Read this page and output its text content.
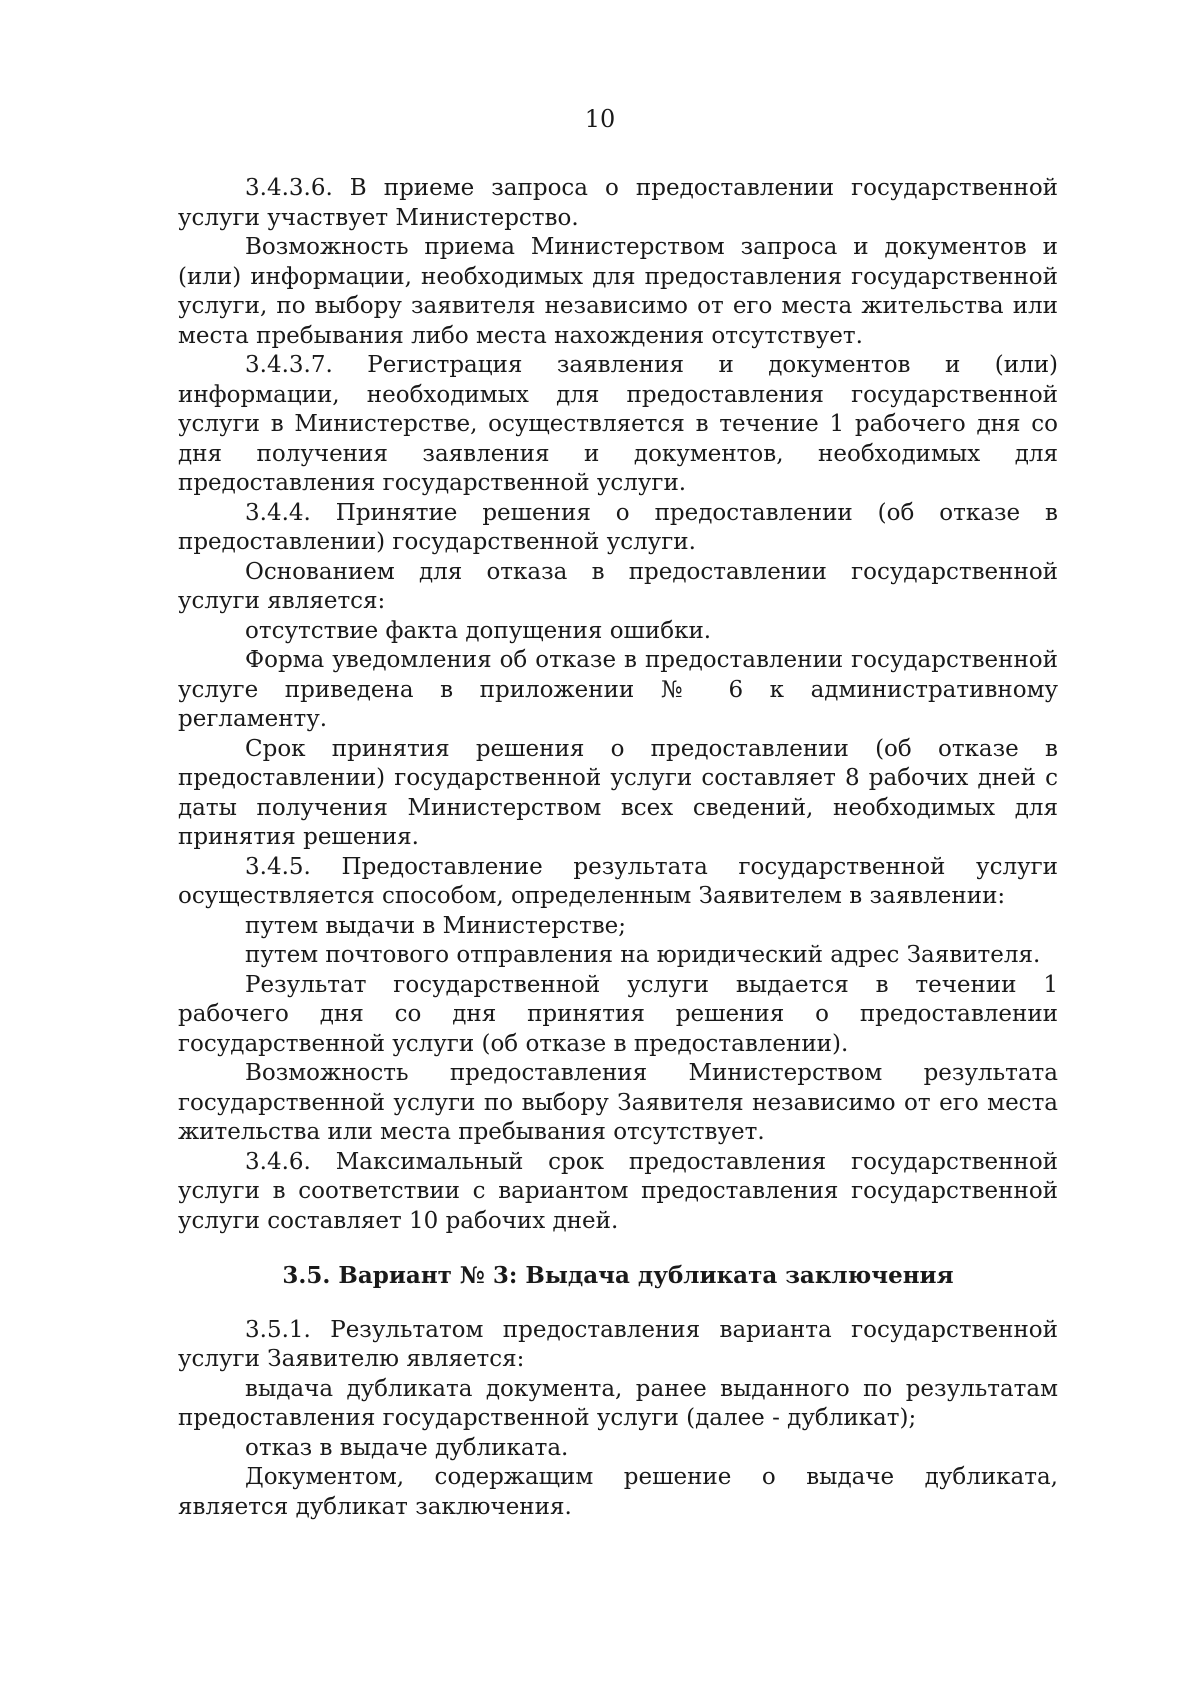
10

3.4.3.6. В приеме запроса о предоставлении государственной услуги участвует Министерство.

Возможность приема Министерством запроса и документов и (или) информации, необходимых для предоставления государственной услуги, по выбору заявителя независимо от его места жительства или места пребывания либо места нахождения отсутствует.

3.4.3.7. Регистрация заявления и документов и (или) информации, необходимых для предоставления государственной услуги в Министерстве, осуществляется в течение 1 рабочего дня со дня получения заявления и документов, необходимых для предоставления государственной услуги.

3.4.4. Принятие решения о предоставлении (об отказе в предоставлении) государственной услуги.

Основанием для отказа в предоставлении государственной услуги является:

отсутствие факта допущения ошибки.

Форма уведомления об отказе в предоставлении государственной услуге приведена в приложении № 6 к административному регламенту.

Срок принятия решения о предоставлении (об отказе в предоставлении) государственной услуги составляет 8 рабочих дней с даты получения Министерством всех сведений, необходимых для принятия решения.

3.4.5. Предоставление результата государственной услуги осуществляется способом, определенным Заявителем в заявлении:

путем выдачи в Министерстве;

путем почтового отправления на юридический адрес Заявителя.

Результат государственной услуги выдается в течении 1 рабочего дня со дня принятия решения о предоставлении государственной услуги (об отказе в предоставлении).

Возможность предоставления Министерством результата государственной услуги по выбору Заявителя независимо от его места жительства или места пребывания отсутствует.

3.4.6. Максимальный срок предоставления государственной услуги в соответствии с вариантом предоставления государственной услуги составляет 10 рабочих дней.

3.5. Вариант № 3: Выдача дубликата заключения

3.5.1. Результатом предоставления варианта государственной услуги Заявителю является:

выдача дубликата документа, ранее выданного по результатам предоставления государственной услуги (далее - дубликат);

отказ в выдаче дубликата.

Документом, содержащим решение о выдаче дубликата, является дубликат заключения.
